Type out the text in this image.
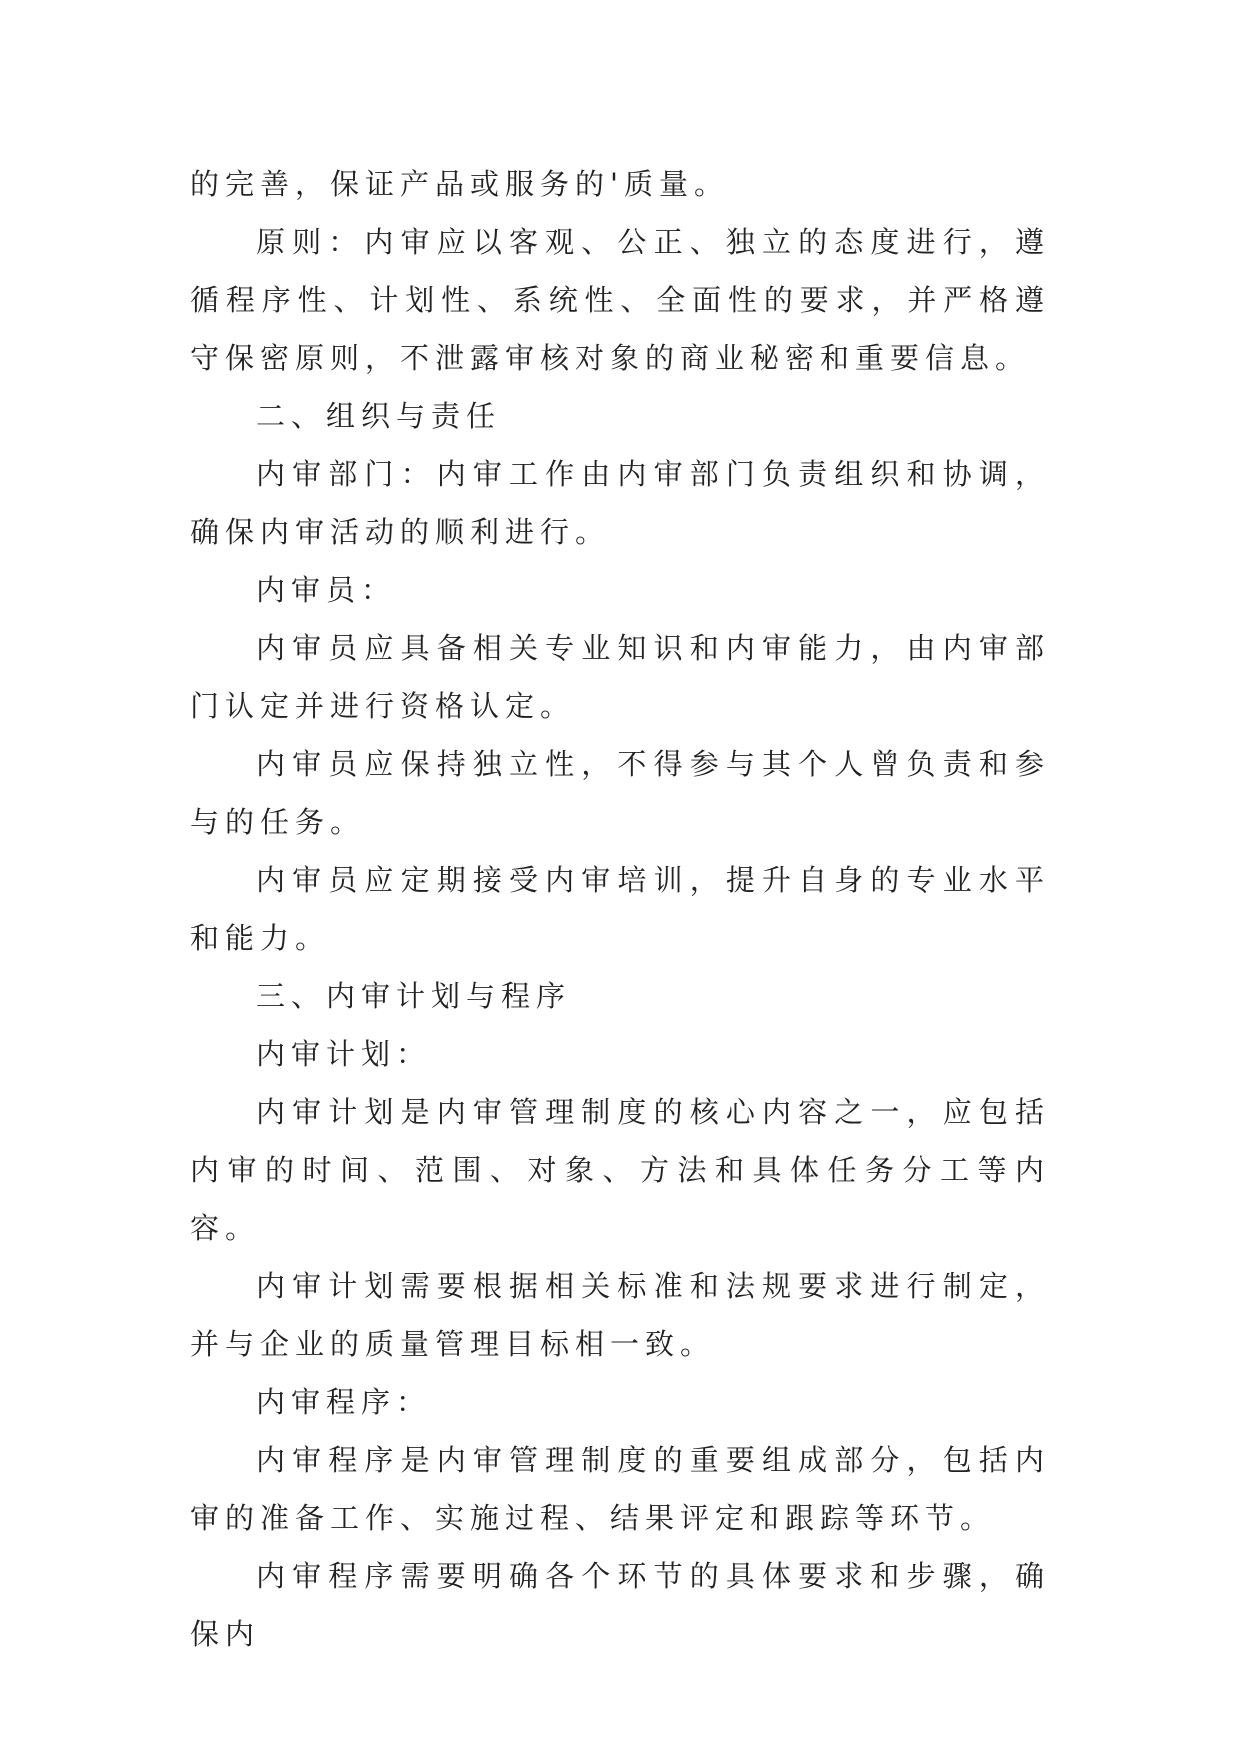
的完善，保证产品或服务的'质量。

原则：内审应以客观、公正、独立的态度进行，遵循程序性、计划性、系统性、全面性的要求，并严格遵守保密原则，不泄露审核对象的商业秘密和重要信息。

二、组织与责任

内审部门：内审工作由内审部门负责组织和协调，确保内审活动的顺利进行。

内审员：

内审员应具备相关专业知识和内审能力，由内审部门认定并进行资格认定。

内审员应保持独立性，不得参与其个人曾负责和参与的任务。

内审员应定期接受内审培训，提升自身的专业水平和能力。

三、内审计划与程序

内审计划：

内审计划是内审管理制度的核心内容之一，应包括内审的时间、范围、对象、方法和具体任务分工等内容。

内审计划需要根据相关标准和法规要求进行制定，并与企业的质量管理目标相一致。

内审程序：

内审程序是内审管理制度的重要组成部分，包括内审的准备工作、实施过程、结果评定和跟踪等环节。

内审程序需要明确各个环节的具体要求和步骤，确保内
